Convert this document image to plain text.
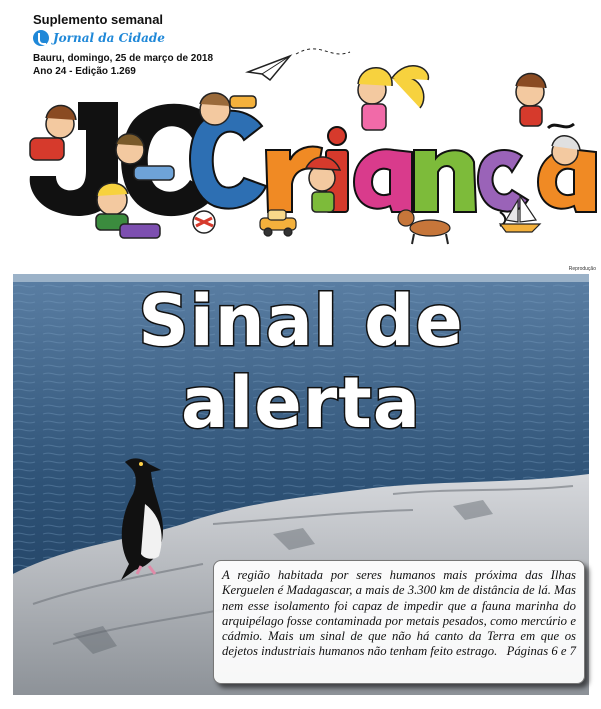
Suplemento semanal
Jornal da Cidade
Bauru, domingo, 25 de março de 2018
Ano 24 - Edição 1.269
Reprodução
Sinal de alerta
A região habitada por seres humanos mais próxima das Ilhas Kerguelen é Madagascar, a mais de 3.300 km de distância de lá. Mas nem esse isolamento foi capaz de impedir que a fauna marinha do arquipélago fosse contaminada por metais pesados, como mercúrio e cádmio. Mais um sinal de que não há canto da Terra em que os dejetos industriais humanos não tenham feito estrago. Páginas 6 e 7
